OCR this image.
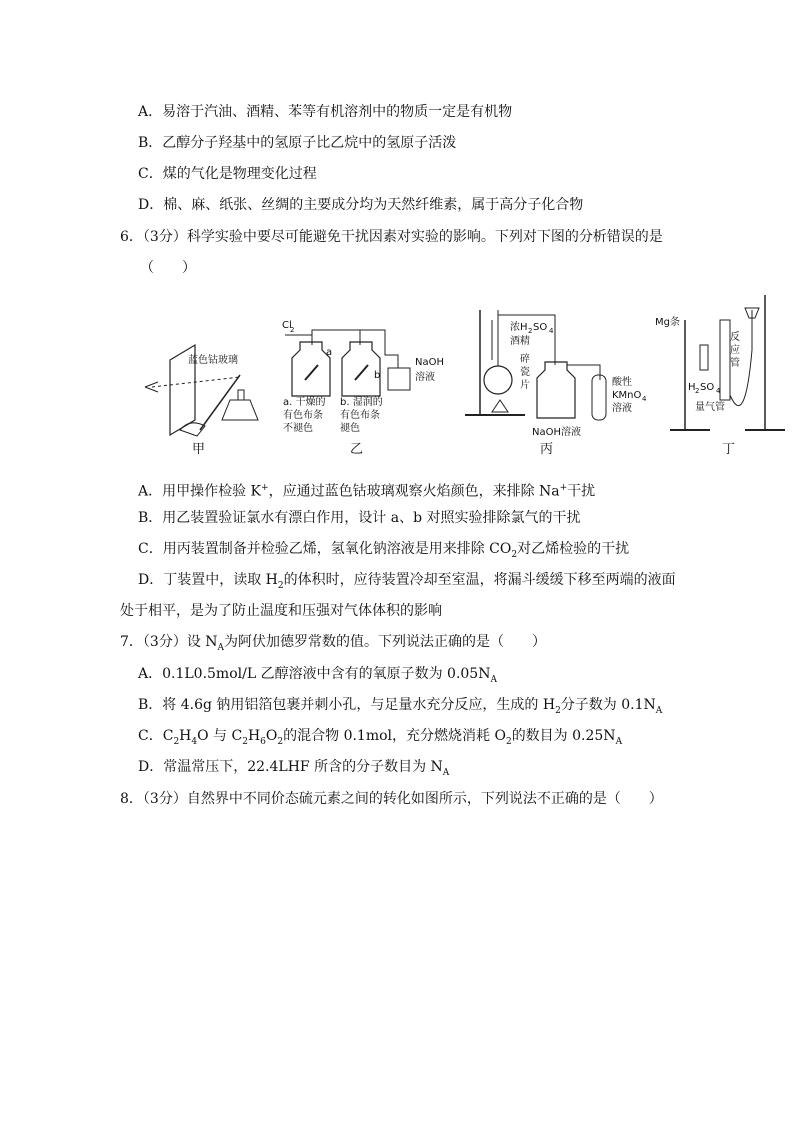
A．易溶于汽油、酒精、苯等有机溶剂中的物质一定是有机物
B．乙醇分子羟基中的氢原子比乙烷中的氢原子活泼
C．煤的气化是物理变化过程
D．棉、麻、纸张、丝绸的主要成分均为天然纤维素，属于高分子化合物
6．（3分）科学实验中要尽可能避免干扰因素对实验的影响。下列对下图的分析错误的是
（　　）
蓝色钴玻璃
甲
Cl
2
a
b
NaOH
溶液
a. 干燥的
有色布条
不褪色
b. 湿润的
有色布条
褪色
乙
浓H 2 SO 4
酒精
碎
瓷
片
NaOH溶液
酸性
KMnO 4
溶液
丙
Mg条
反
应
管
H 2 SO 4
量气管
丁
A．用甲操作检验 K+，应通过蓝色钴玻璃观察火焰颜色，来排除 Na+干扰
B．用乙装置验证氯水有漂白作用，设计 a、b 对照实验排除氯气的干扰
C．用丙装置制备并检验乙烯，氢氧化钠溶液是用来排除 $CO_2$对乙烯检验的干扰
D．丁装置中，读取 $H_2$的体积时，应待装置冷却至室温，将漏斗缓缓下移至两端的液面
处于相平，是为了防止温度和压强对气体体积的影响
7．（3分）设 $N_A$为阿伏加德罗常数的值。下列说法正确的是（　　）
A．0.1L0.5mol/L 乙醇溶液中含有的氧原子数为 $0.05N_A$
B．将 4.6g 钠用铝箔包裹并刺小孔，与足量水充分反应，生成的 $H_2$分子数为 $0.1N_A$
C．$C_2H_4O$ 与 $C_2H_6O_2$的混合物 0.1mol，充分燃烧消耗 $O_2$的数目为 $0.25N_A$
D．常温常压下，22.4LHF 所含的分子数目为 $N_A$
8．（3分）自然界中不同价态硫元素之间的转化如图所示，下列说法不正确的是（　　）
